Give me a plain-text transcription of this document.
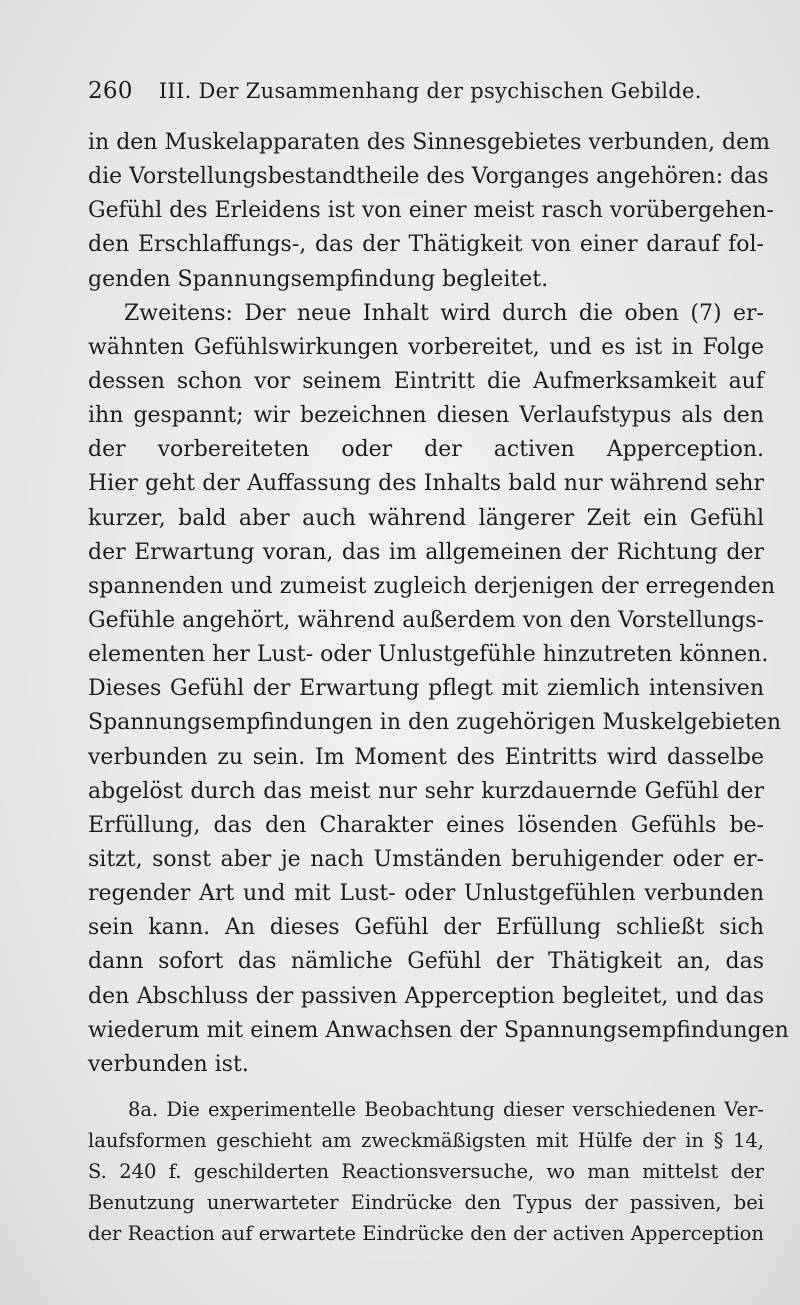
260 III. Der Zusammenhang der psychischen Gebilde.
in den Muskelapparaten des Sinnesgebietes verbunden, dem
die Vorstellungsbestandtheile des Vorganges angehören: das
Gefühl des Erleidens ist von einer meist rasch vorübergehen-
den Erschlaffungs-, das der Thätigkeit von einer darauf fol-
genden Spannungsempfindung begleitet.
Zweitens: Der neue Inhalt wird durch die oben (7) er-
wähnten Gefühlswirkungen vorbereitet, und es ist in Folge
dessen schon vor seinem Eintritt die Aufmerksamkeit auf
ihn gespannt; wir bezeichnen diesen Verlaufstypus als den
der vorbereiteten oder der activen Apperception.
Hier geht der Auffassung des Inhalts bald nur während sehr
kurzer, bald aber auch während längerer Zeit ein Gefühl
der Erwartung voran, das im allgemeinen der Richtung der
spannenden und zumeist zugleich derjenigen der erregenden
Gefühle angehört, während außerdem von den Vorstellungs-
elementen her Lust- oder Unlustgefühle hinzutreten können.
Dieses Gefühl der Erwartung pflegt mit ziemlich intensiven
Spannungsempfindungen in den zugehörigen Muskelgebieten
verbunden zu sein. Im Moment des Eintritts wird dasselbe
abgelöst durch das meist nur sehr kurzdauernde Gefühl der
Erfüllung, das den Charakter eines lösenden Gefühls be-
sitzt, sonst aber je nach Umständen beruhigender oder er-
regender Art und mit Lust- oder Unlustgefühlen verbunden
sein kann. An dieses Gefühl der Erfüllung schließt sich
dann sofort das nämliche Gefühl der Thätigkeit an, das
den Abschluss der passiven Apperception begleitet, und das
wiederum mit einem Anwachsen der Spannungsempfindungen
verbunden ist.
8a. Die experimentelle Beobachtung dieser verschiedenen Ver-
laufsformen geschieht am zweckmäßigsten mit Hülfe der in § 14,
S. 240 f. geschilderten Reactionsversuche, wo man mittelst der
Benutzung unerwarteter Eindrücke den Typus der passiven, bei
der Reaction auf erwartete Eindrücke den der activen Apperception
